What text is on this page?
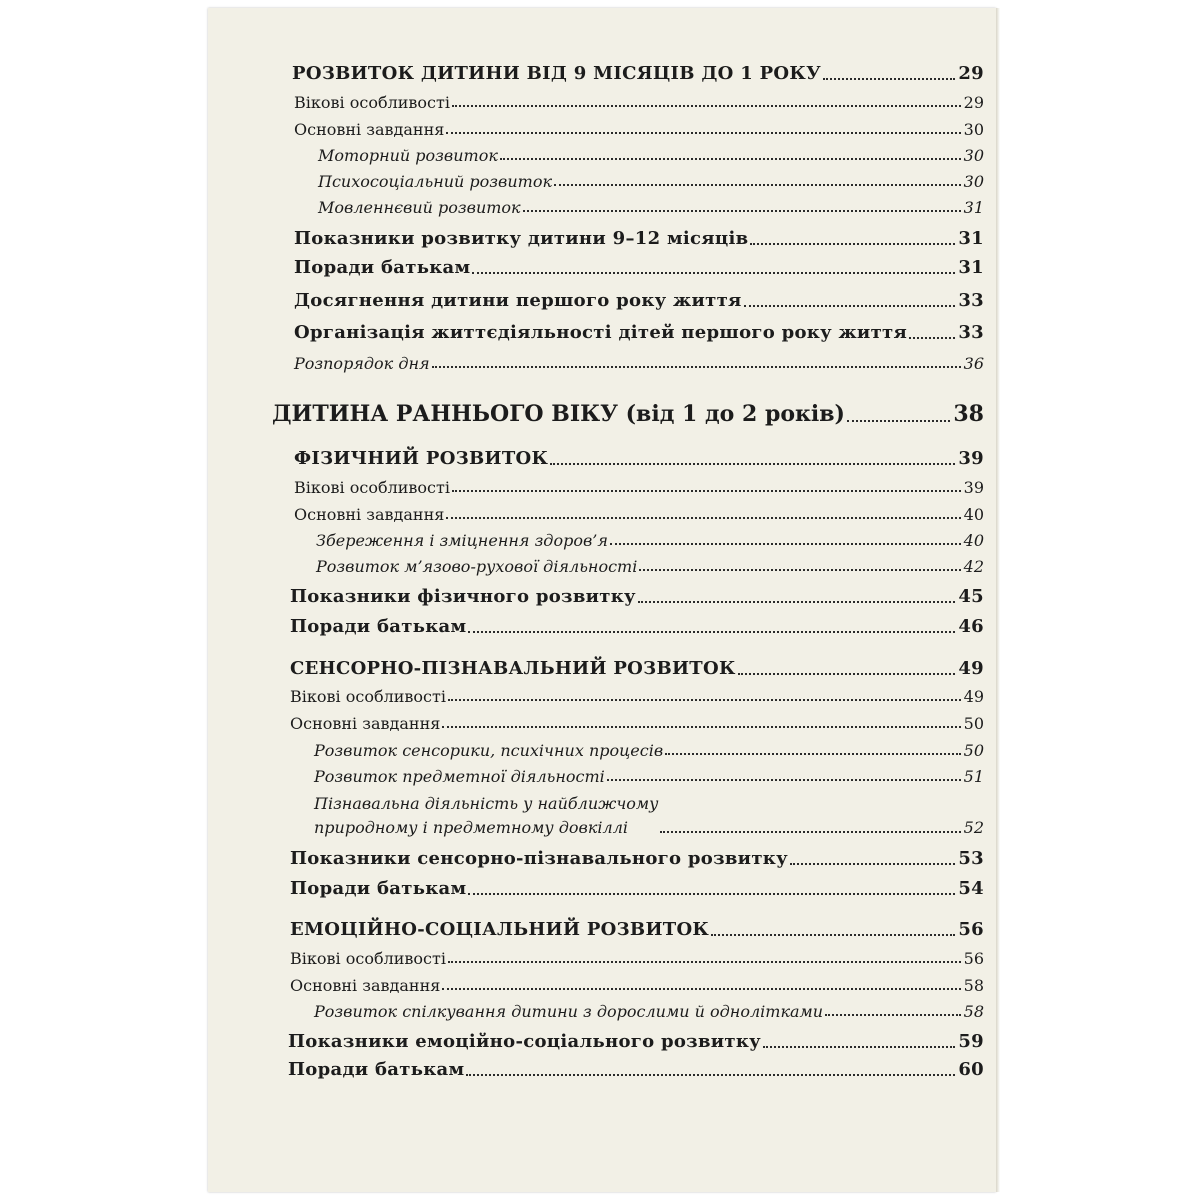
РОЗВИТОК ДИТИНИ ВІД 9 МІСЯЦІВ ДО 1 РОКУ	29
Вікові особливості	29
Основні завдання	30
Моторний розвиток	30
Психосоціальний розвиток	30
Мовленнєвий розвиток	31
Показники розвитку дитини 9–12 місяців	31
Поради батькам	31
Досягнення дитини першого року життя	33
Організація життєдіяльності дітей першого року життя	33
Розпорядок дня	36
ДИТИНА РАННЬОГО ВІКУ (від 1 до 2 років)	38
ФІЗИЧНИЙ РОЗВИТОК	39
Вікові особливості	39
Основні завдання	40
Збереження і зміцнення здоров’я	40
Розвиток м’язово-рухової діяльності	42
Показники фізичного розвитку	45
Поради батькам	46
СЕНСОРНО-ПІЗНАВАЛЬНИЙ РОЗВИТОК	49
Вікові особливості	49
Основні завдання	50
Розвиток сенсорики, психічних процесів	50
Розвиток предметної діяльності	51
Пізнавальна діяльність у найближчому
природному і предметному довкіллі	52
Показники сенсорно-пізнавального розвитку	53
Поради батькам	54
ЕМОЦІЙНО-СОЦІАЛЬНИЙ РОЗВИТОК	56
Вікові особливості	56
Основні завдання	58
Розвиток спілкування дитини з дорослими й однолітками	58
Показники емоційно-соціального розвитку	59
Поради батькам	60
